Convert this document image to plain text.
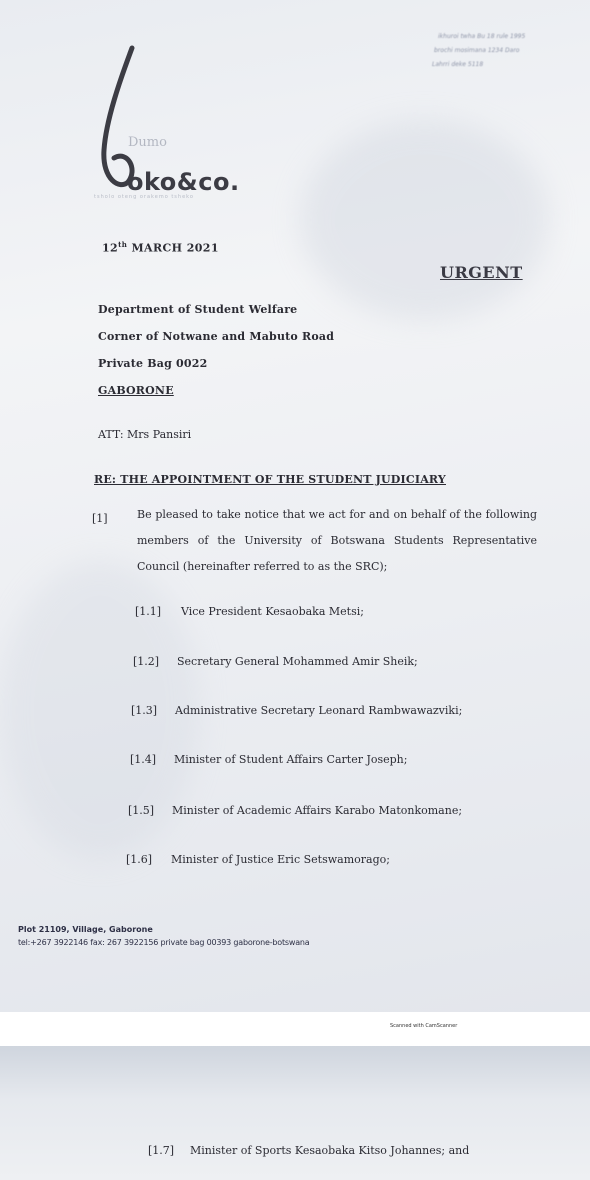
ikhuroi twha Bu 18 rule 1995
brochi mosimana 1234 Daro
Lahrri deke 5118
Dumo
oko&co.
tsholo oteng orakemo tsheko
12th MARCH 2021
URGENT
Department of Student Welfare
Corner of Notwane and Mabuto Road
Private Bag 0022
GABORONE
ATT: Mrs Pansiri
RE: THE APPOINTMENT OF THE STUDENT JUDICIARY
[1]	Be pleased to take notice that we act for and on behalf of the following members of the University of Botswana Students Representative Council (hereinafter referred to as the SRC);
[1.1] Vice President Kesaobaka Metsi;
[1.2] Secretary General Mohammed Amir Sheik;
[1.3] Administrative Secretary Leonard Rambwawazviki;
[1.4] Minister of Student Affairs Carter Joseph;
[1.5] Minister of Academic Affairs Karabo Matonkomane;
[1.6] Minister of Justice Eric Setswamorago;
Plot 21109, Village, Gaborone
tel:+267 3922146 fax: 267 3922156 private bag 00393 gaborone-botswana
Scanned with CamScanner
[1.7] Minister of Sports Kesaobaka Kitso Johannes; and
